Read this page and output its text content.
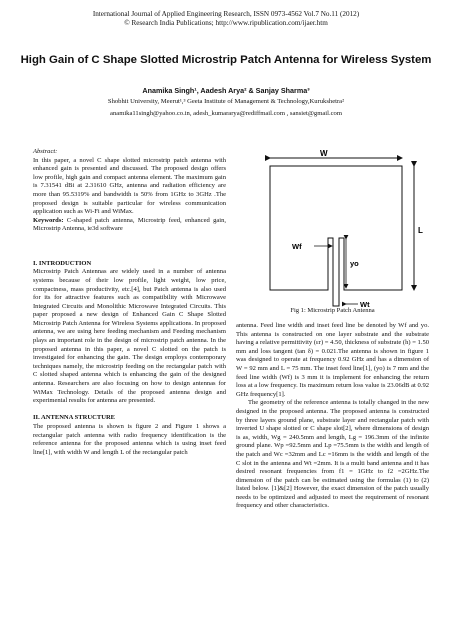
International Journal of Applied Engineering Research, ISSN 0973-4562 Vol.7 No.11 (2012)
© Research India Publications; http://www.ripublication.com/ijaer.htm
High Gain of C Shape Slotted Microstrip Patch Antenna for Wireless System
Anamika Singh¹, Aadesh Arya² & Sanjay Sharma³
Shobhit University, Meerut¹,³ Geeta Institute of Management & Technology,Kurukshetra²
anamika11singh@yahoo.co.in, adesh_kumararya@rediffmail.com , sansiet@gmail.com

Abstract:

In this paper, a novel C shape slotted microstrip patch antenna with enhanced gain is presented and discussed. The proposed design offers low profile, high gain and compact antenna element. The maximum gain is 7.31541 dBi at 2.31610 GHz, antenna and radiation efficiency are more than 95.5319% and bandwidth is 50% from 1GHz to 3GHz .The proposed design is suitable particular for wireless communication application such as Wi-Fi and WiMax.

Keywords: C-shaped patch antenna, Microstrip feed, enhanced gain, Microstrip Antenna, ie3d software

I. INTRODUCTION

Microstrip Patch Antennas are widely used in a number of antenna systems because of their low profile, light weight, low price, compactness, mass productivity, etc.[4], but Patch antenna is also used for its for attractive features such as compatibility with Microwave Integrated Circuits and Monolithic Microwave Integrated Circuits. This paper proposed a new design of Enhanced Gain C Shape Slotted Microstrip Patch Antenna for Wireless Systems applications. In proposed antenna, we are using here feeding mechanism and Feeding mechanism plays an important role in the design of microstrip patch antenna. In the proposed antenna in this paper, a novel C slotted on the patch is investigated for enhancing the gain. The design employs contemporary techniques namely, the microstrip feeding on the rectangular patch with C slotted shaped antenna which is enhancing the gain of the designed antenna. Researchers are also focusing on how to design antennas for WiMax Technology. Details of the proposed antenna design and experimental results for antenna are presented.

II. ANTENNA STRUCTURE

The proposed antenna is shown is figure 2 and Figure 1 shows a rectangular patch antenna with radio frequency identification is the reference antenna for the proposed antenna which is using inset feed line[1], with width W and length L of the rectangular patch

W
L
Wf
yo
Wt
Fig 1: Microstrip Patch Antenna

antenna. Feed line width and inset feed line be denoted by Wf and yo. This antenna is constructed on one layer substrate and the substrate having a relative permittivity (εr) = 4.50, thickness of substrate (h) = 1.50 mm and loss tangent (tan δ) = 0.021.The antenna is shown in figure 1 was designed to operate at frequency 0.92 GHz and has a dimension of W = 92 mm and L = 75 mm. The inset feed line[1], (yo) is 7 mm and the feed line width (Wf) is 3 mm it is implement for enhancing the return loss at a low frequency. Its maximum return loss value is 23.06dB at 0.92 GHz frequency[1].

The geometry of the reference antenna is totally changed in the new designed in the proposed antenna. The proposed antenna is constructed by three layers ground plane, substrate layer and rectangular patch with inverted U shape slotted or C shape slot[2], where dimensions of design is as, width, Wg = 240.5mm and length, Lg = 196.3mm of the infinite ground plane. Wp =92.5mm and Lp =75.5mm is the width and length of the patch and Wc =32mm and Lc =16mm is the width and length of the C slot in the antenna and Wt =2mm. It is a multi band antenna and it has desired resonant frequencies from f1 = 1GHz to f2 =2GHz.The dimension of the patch can be estimated using the formulas (1) to (2) listed below. [1]&[2] However, the exact dimension of the patch usually needs to be optimized and adjusted to meet the requirement of resonant frequency and other characteristics.
